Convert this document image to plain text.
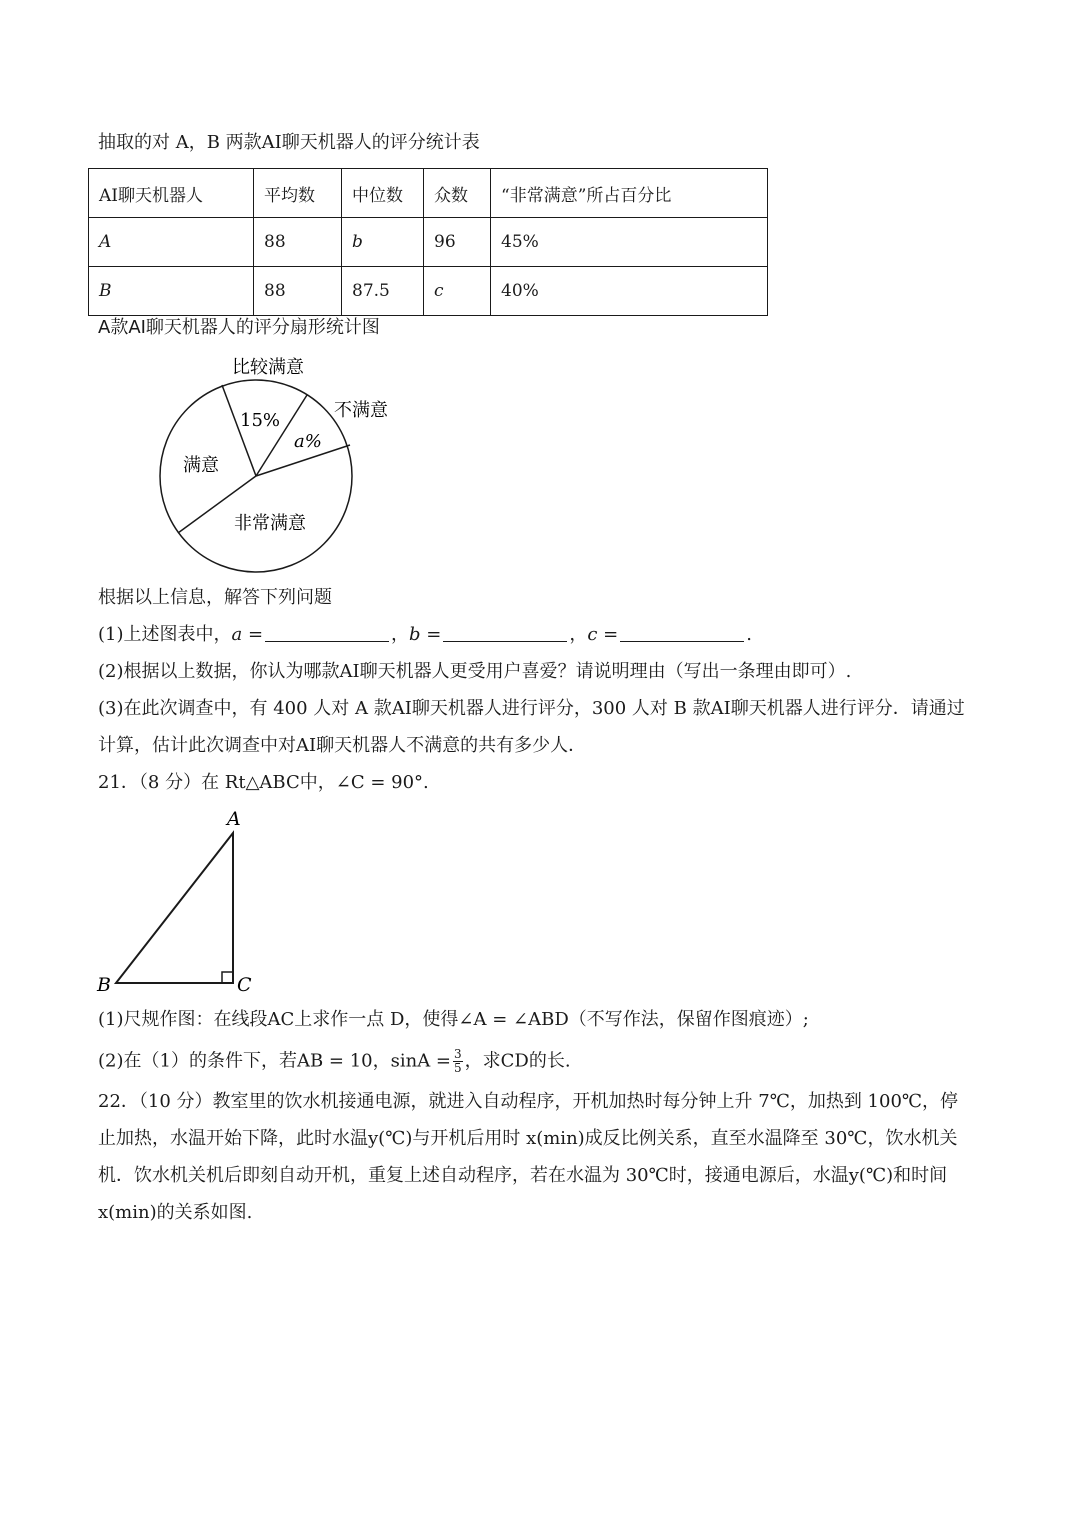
抽取的对 A，B 两款AI聊天机器人的评分统计表
AI聊天机器人	平均数	中位数	众数	“非常满意”所占百分比
A	88	b	96	45%
B	88	87.5	c	40%
A款AI聊天机器人的评分扇形统计图
比较满意
15%	不满意
a%
非常满意
满意
根据以上信息，解答下列问题
(1)上述图表中，a =	，b =	，c =	.
(2)根据以上数据，你认为哪款AI聊天机器人更受用户喜爱？请说明理由（写出一条理由即可）.
(3)在此次调查中，有 400 人对 A 款AI聊天机器人进行评分，300 人对 B 款AI聊天机器人进行评分．请通过
计算，估计此次调查中对AI聊天机器人不满意的共有多少人．
21．（8 分）在 Rt△ABC中，∠C = 90°.
A
B	C
(1)尺规作图：在线段AC上求作一点 D，使得∠A = ∠ABD（不写作法，保留作图痕迹）;
(2)在（1）的条件下，若AB = 10，$\sin A = \frac{3}{5}$ ，求CD的长.
22．（10 分）教室里的饮水机接通电源，就进入自动程序，开机加热时每分钟上升 7℃，加热到 100℃，停
止加热，水温开始下降，此时水温y(℃)与开机后用时 x(min)成反比例关系，直至水温降至 30℃，饮水机关
机．饮水机关机后即刻自动开机，重复上述自动程序，若在水温为 30℃时，接通电源后，水温y(℃)和时间
x(min)的关系如图.
